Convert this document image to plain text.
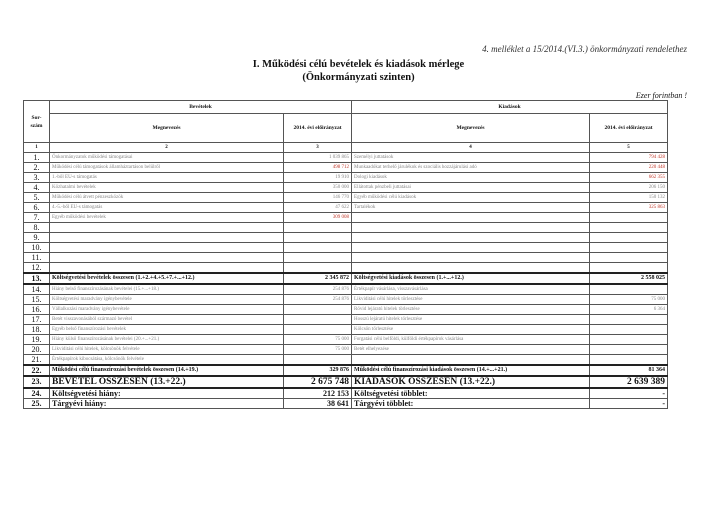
4. melléklet a 15/2014.(VI.3.) önkormányzati rendelethez
I. Működési célú bevételek és kiadások mérlege
(Önkormányzati szinten)
Ezer forintban !
Sor-
szám	Bevételek		Kiadások	
	Megnevezés	2014. évi előirányzat	Megnevezés	2014. évi előirányzat
1	2	3	4	5
1.	Önkormányzatok működési támogatásai	1 039 865	Személyi juttatások	794 428
2.	Működési célú támogatások államháztartáson belülről	498 712	Munkaadókat terhelő járulékok és szociális hozzájárulási adó	220 448
3.	1.-ből EU-s támogatás	19 910	Dologi kiadások	662 355
4.	Közhatalmi bevételek	350 000	Ellátottak pénzbeli juttatásai	206 150
5.	Működési célú átvett pénzeszközök	146 770	Egyéb működési célú kiadások	150 132
6.	4.-5.-ből EU-s támogatás	47 622	Tartalékok	325 863
7.	Egyéb működési bevételek	309 008		
8.				
9.				
10.				
11.				
12.				
13.	Költségvetési bevételek összesen (1.+2.+4.+5.+7.+...+12.)	2 345 872	Költségvetési kiadások összesen (1.+...+12.)	2 558 025
14.	Hiány belső finanszírozásának bevételei (15.+...+18.)	254 876	Értékpapír vásárlása, visszavásárlása	
15.	Költségvetési maradvány igénybevétele	254 876	Likviditási célú hitelek törlesztése	75 000
16.	Vállalkozási maradvány igénybevétele		Rövid lejáratú hitelek törlesztése	6 364
17.	Betét visszavonásából származó bevétel		Hosszú lejáratú hitelek törlesztése	
18.	Egyéb belső finanszírozási bevételek		Kölcsön törlesztése	
19.	Hiány külső finanszírozásának bevételei (20.+...+21.)	75 000	Forgatási célú belföldi, külföldi értékpapírok vásárlása	
20.	Likviditási célú hitelek, kölcsönök felvétele	75 000	Betét elhelyezése	
21.	Értékpapírok kibocsátása, kölcsönök felvétele			
22.	Működési célú finanszírozási bevételek összesen (14.+19.)	329 876	Működési célú finanszírozási kiadások összesen (14.+...+21.)	81 364
23.	BEVÉTEL ÖSSZESEN (13.+22.)	2 675 748	KIADÁSOK ÖSSZESEN (13.+22.)	2 639 389
24.	Költségvetési hiány:	212 153	Költségvetési többlet:	-
25.	Tárgyévi hiány:	38 641	Tárgyévi többlet:	-
